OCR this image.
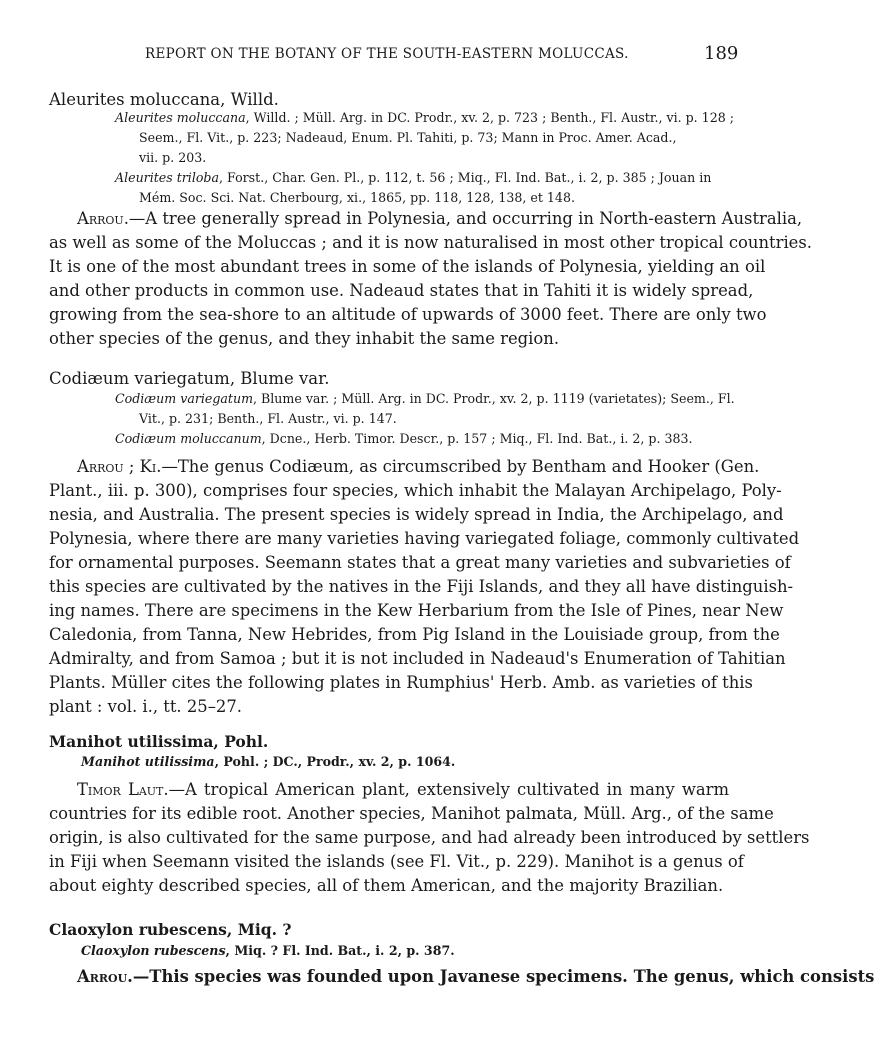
REPORT ON THE BOTANY OF THE SOUTH-EASTERN MOLUCCAS.	189
Aleurites moluccana, Willd.
Aleurites moluccana, Willd. ; Müll. Arg. in DC. Prodr., xv. 2, p. 723 ; Benth., Fl. Austr., vi. p. 128 ;
Seem., Fl. Vit., p. 223; Nadeaud, Enum. Pl. Tahiti, p. 73; Mann in Proc. Amer. Acad.,
vii. p. 203.
Aleurites triloba, Forst., Char. Gen. Pl., p. 112, t. 56 ; Miq., Fl. Ind. Bat., i. 2, p. 385 ; Jouan in
Mém. Soc. Sci. Nat. Cherbourg, xi., 1865, pp. 118, 128, 138, et 148.
Arrou.—A tree generally spread in Polynesia, and occurring in North-eastern Australia,
as well as some of the Moluccas ; and it is now naturalised in most other tropical countries.
It is one of the most abundant trees in some of the islands of Polynesia, yielding an oil
and other products in common use. Nadeaud states that in Tahiti it is widely spread,
growing from the sea-shore to an altitude of upwards of 3000 feet. There are only two
other species of the genus, and they inhabit the same region.
Codiæum variegatum, Blume var.
Codiæum variegatum, Blume var. ; Müll. Arg. in DC. Prodr., xv. 2, p. 1119 (varietates); Seem., Fl.
Vit., p. 231; Benth., Fl. Austr., vi. p. 147.
Codiæum moluccanum, Dcne., Herb. Timor. Descr., p. 157 ; Miq., Fl. Ind. Bat., i. 2, p. 383.
Arrou ; Ki.—The genus Codiæum, as circumscribed by Bentham and Hooker (Gen.
Plant., iii. p. 300), comprises four species, which inhabit the Malayan Archipelago, Poly-
nesia, and Australia. The present species is widely spread in India, the Archipelago, and
Polynesia, where there are many varieties having variegated foliage, commonly cultivated
for ornamental purposes. Seemann states that a great many varieties and subvarieties of
this species are cultivated by the natives in the Fiji Islands, and they all have distinguish-
ing names. There are specimens in the Kew Herbarium from the Isle of Pines, near New
Caledonia, from Tanna, New Hebrides, from Pig Island in the Louisiade group, from the
Admiralty, and from Samoa ; but it is not included in Nadeaud's Enumeration of Tahitian
Plants. Müller cites the following plates in Rumphius' Herb. Amb. as varieties of this
plant : vol. i., tt. 25–27.
Manihot utilissima, Pohl.
Manihot utilissima, Pohl. ; DC., Prodr., xv. 2, p. 1064.
Timor Laut.—A tropical American plant, extensively cultivated in many warm
countries for its edible root. Another species, Manihot palmata, Müll. Arg., of the same
origin, is also cultivated for the same purpose, and had already been introduced by settlers
in Fiji when Seemann visited the islands (see Fl. Vit., p. 229). Manihot is a genus of
about eighty described species, all of them American, and the majority Brazilian.
Claoxylon rubescens, Miq. ?
Claoxylon rubescens, Miq. ? Fl. Ind. Bat., i. 2, p. 387.
Arrou.—This species was founded upon Javanese specimens. The genus, which consists
